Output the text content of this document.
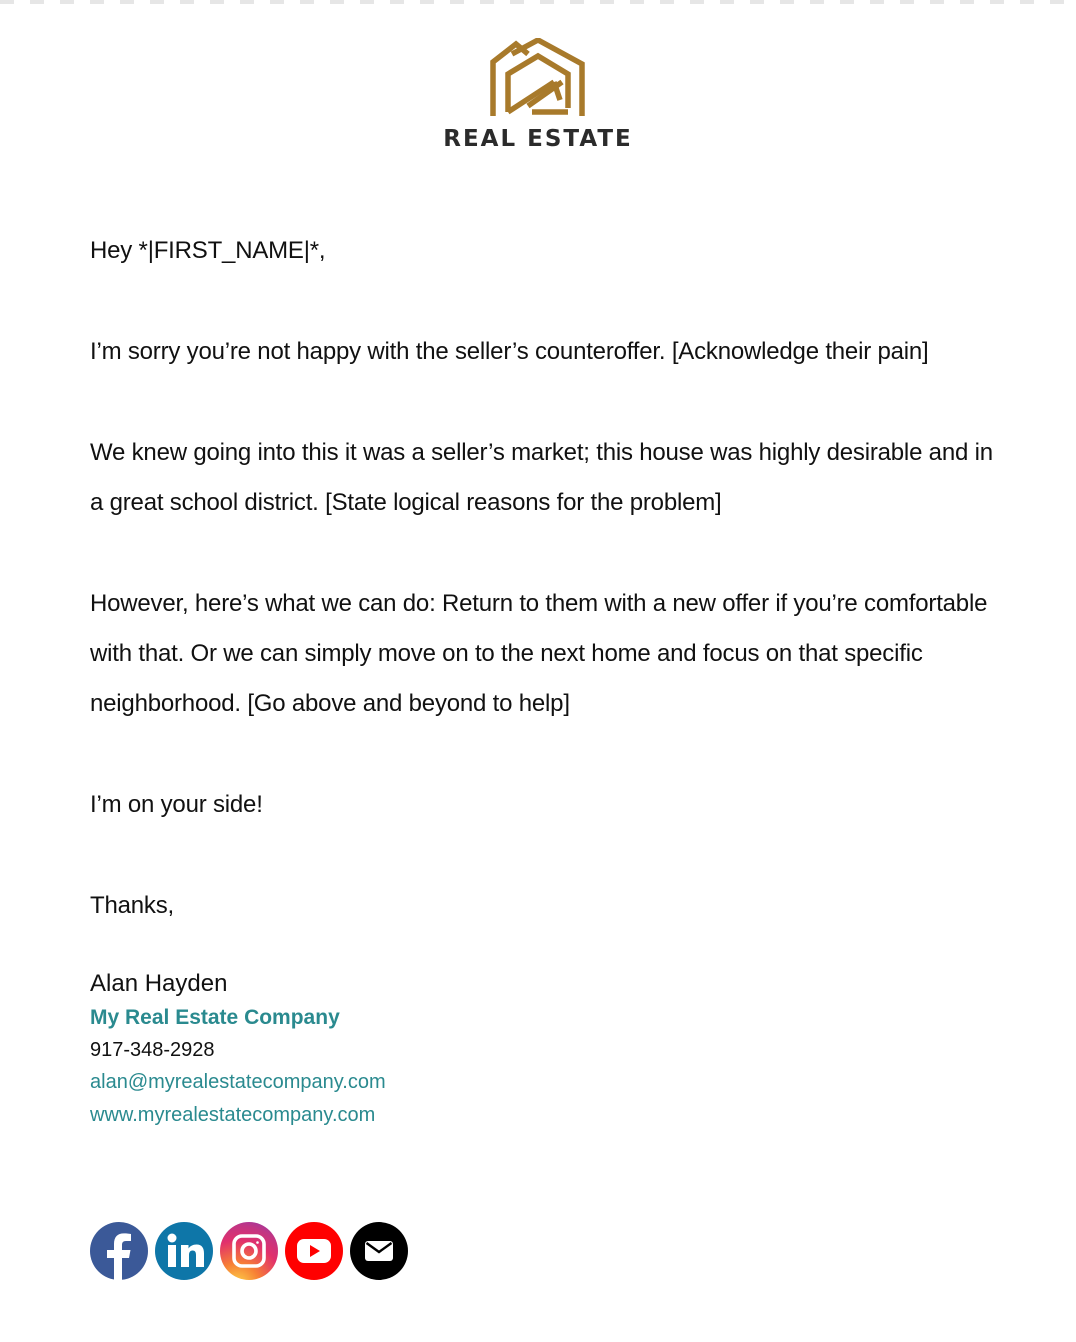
REAL ESTATE

Hey *|FIRST_NAME|*,

I’m sorry you’re not happy with the seller’s counteroffer. [Acknowledge their pain]

We knew going into this it was a seller’s market; this house was highly desirable and in a great school district. [State logical reasons for the problem]

However, here’s what we can do: Return to them with a new offer if you’re comfortable with that. Or we can simply move on to the next home and focus on that specific neighborhood. [Go above and beyond to help]

I’m on your side!

Thanks,

Alan Hayden
My Real Estate Company
917-348-2928
alan@myrealestatecompany.com
www.myrealestatecompany.com
